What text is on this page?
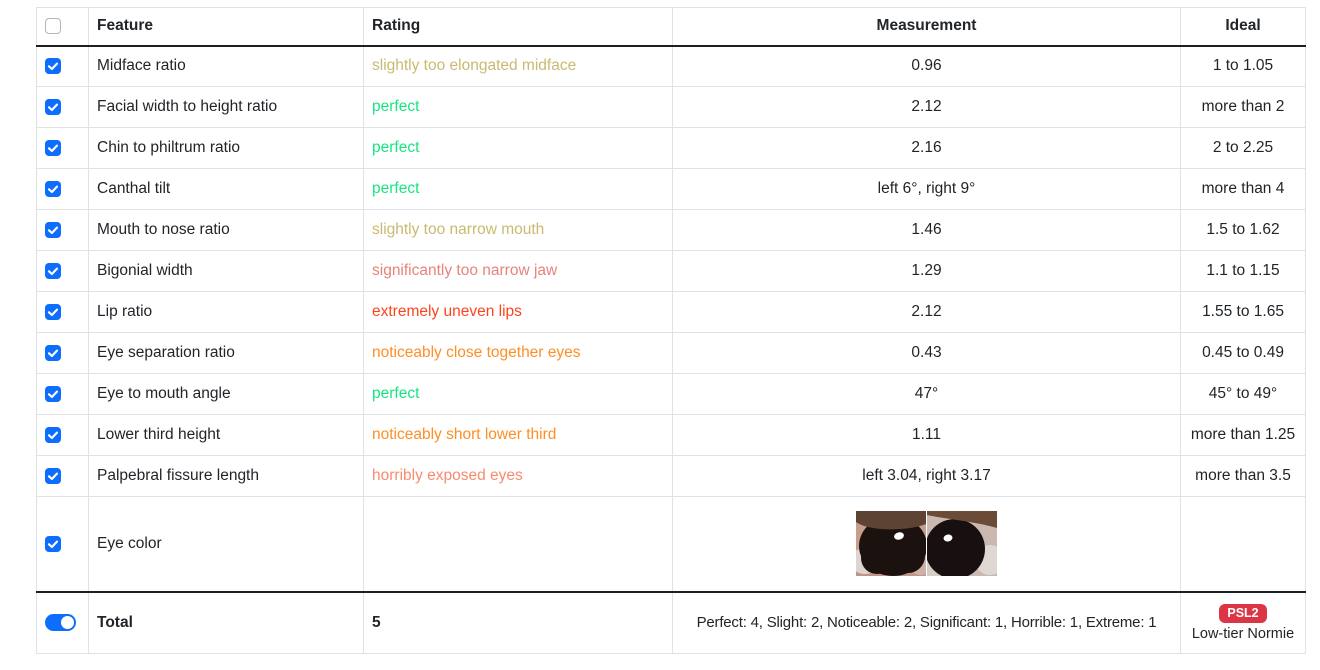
	Feature	Rating	Measurement	Ideal

	Midface ratio	slightly too elongated midface	0.96	1 to 1.05

	Facial width to height ratio	perfect	2.12	more than 2

	Chin to philtrum ratio	perfect	2.16	2 to 2.25

	Canthal tilt	perfect	left 6°, right 9°	more than 4

	Mouth to nose ratio	slightly too narrow mouth	1.46	1.5 to 1.62

	Bigonial width	significantly too narrow jaw	1.29	1.1 to 1.15

	Lip ratio	extremely uneven lips	2.12	1.55 to 1.65

	Eye separation ratio	noticeably close together eyes	0.43	0.45 to 0.49

	Eye to mouth angle	perfect	47°	45° to 49°

	Lower third height	noticeably short lower third	1.11	more than 1.25

	Palpebral fissure length	horribly exposed eyes	left 3.04, right 3.17	more than 3.5

	Eye color		

	Total	5	Perfect: 4, Slight: 2, Noticeable: 2, Significant: 1, Horrible: 1, Extreme: 1	PSL2
Low-tier Normie
